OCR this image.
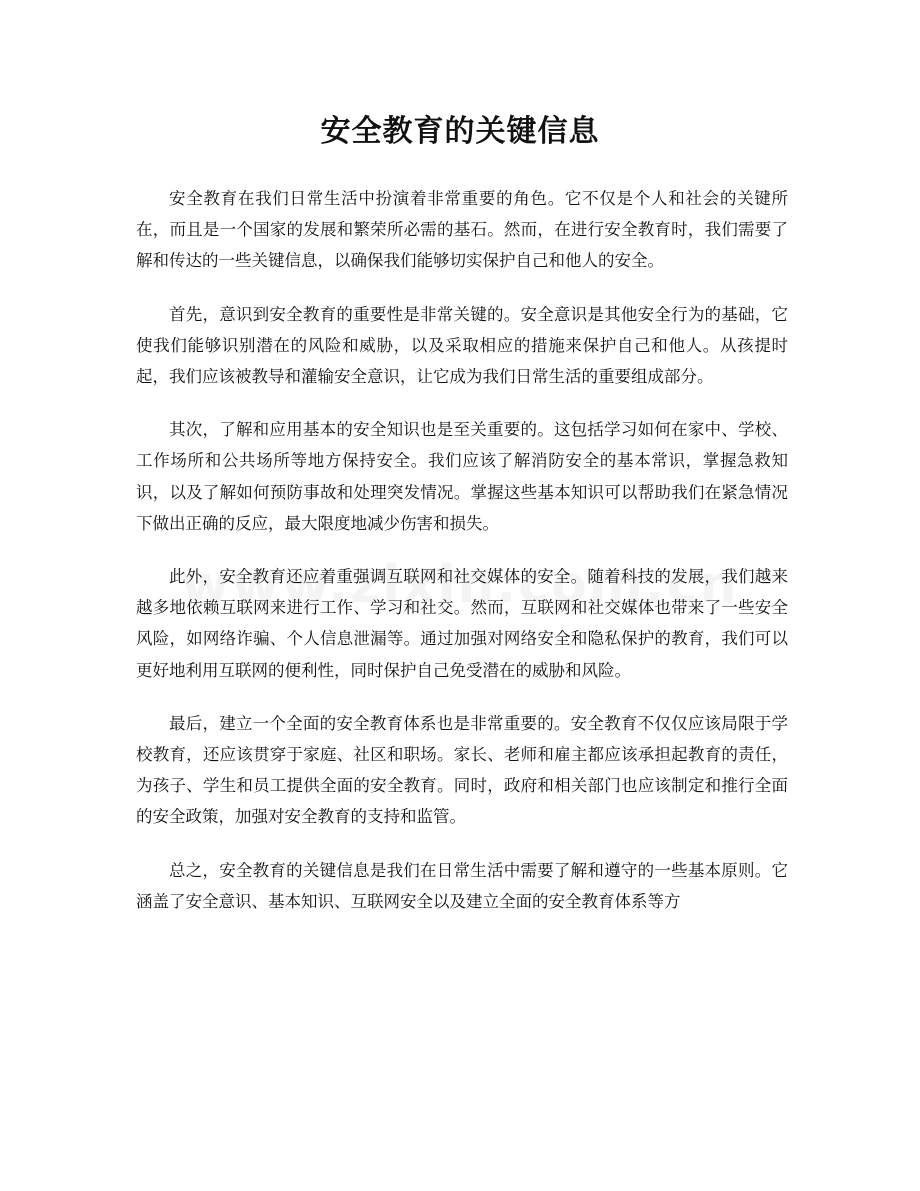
安全教育的关键信息

安全教育在我们日常生活中扮演着非常重要的角色。它不仅是个人和社会的关键所在，而且是一个国家的发展和繁荣所必需的基石。然而，在进行安全教育时，我们需要了解和传达的一些关键信息，以确保我们能够切实保护自己和他人的安全。

首先，意识到安全教育的重要性是非常关键的。安全意识是其他安全行为的基础，它使我们能够识别潜在的风险和威胁，以及采取相应的措施来保护自己和他人。从孩提时起，我们应该被教导和灌输安全意识，让它成为我们日常生活的重要组成部分。

其次，了解和应用基本的安全知识也是至关重要的。这包括学习如何在家中、学校、工作场所和公共场所等地方保持安全。我们应该了解消防安全的基本常识，掌握急救知识，以及了解如何预防事故和处理突发情况。掌握这些基本知识可以帮助我们在紧急情况下做出正确的反应，最大限度地减少伤害和损失。

此外，安全教育还应着重强调互联网和社交媒体的安全。随着科技的发展，我们越来越多地依赖互联网来进行工作、学习和社交。然而，互联网和社交媒体也带来了一些安全风险，如网络诈骗、个人信息泄漏等。通过加强对网络安全和隐私保护的教育，我们可以更好地利用互联网的便利性，同时保护自己免受潜在的威胁和风险。

最后，建立一个全面的安全教育体系也是非常重要的。安全教育不仅仅应该局限于学校教育，还应该贯穿于家庭、社区和职场。家长、老师和雇主都应该承担起教育的责任，为孩子、学生和员工提供全面的安全教育。同时，政府和相关部门也应该制定和推行全面的安全政策，加强对安全教育的支持和监管。

总之，安全教育的关键信息是我们在日常生活中需要了解和遵守的一些基本原则。它涵盖了安全意识、基本知识、互联网安全以及建立全面的安全教育体系等方
